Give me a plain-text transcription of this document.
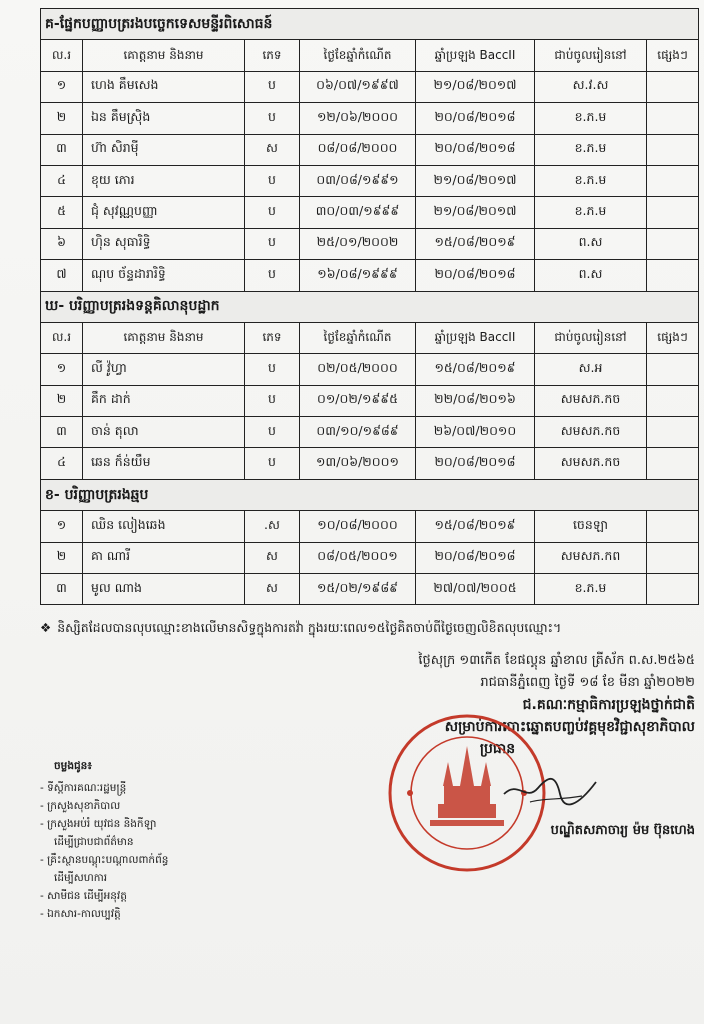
គ-ផ្នែកបញ្ញាបត្ររងបច្ចេកទេសមន្ទីរពិសោធន៍						
ល.រ	គោត្តនាម និងនាម	ភេទ	ថ្ងៃខែឆ្នាំកំណើត	ឆ្នាំប្រឡង BaccII	ជាប់ចូលរៀននៅ	ផ្សេងៗ
១	ហេង គឹមសេង	ប	០៦/០៧/១៩៩៧	២១/០៨/២០១៧	ស.វ.ស	
២	ឯន គឹមស្រ៊ិង	ប	១២/០៦/២០០០	២០/០៨/២០១៨	ខ.ភ.ម	
៣	ហ៊ា សិរាម៉ី	ស	០៨/០៨/២០០០	២០/០៨/២០១៨	ខ.ភ.ម	
៤	ខុយ ភោរ	ប	០៣/០៨/១៩៩១	២១/០៨/២០១៧	ខ.ភ.ម	
៥	ជុំ សុវណ្ណបញ្ញា	ប	៣០/០៣/១៩៩៩	២១/០៨/២០១៧	ខ.ភ.ម	
៦	ហ៊ិន សុធារិទ្ធិ	ប	២៥/០១/២០០២	១៥/០៨/២០១៩	ព.ស	
៧	ណុប ច័ន្ទដារារិទ្ធិ	ប	១៦/០៨/១៩៩៩	២០/០៨/២០១៨	ព.ស	
ឃ- បរិញ្ញាបត្ររងទន្តគិលានុបដ្ឋាក						
ល.រ	គោត្តនាម និងនាម	ភេទ	ថ្ងៃខែឆ្នាំកំណើត	ឆ្នាំប្រឡង BaccII	ជាប់ចូលរៀននៅ	ផ្សេងៗ
១	លី វ៉ូហ្វា	ប	០២/០៥/២០០០	១៥/០៨/២០១៩	ស.អ	
២	គឹក ដាក់	ប	០១/០២/១៩៩៥	២២/០៨/២០១៦	សមសភ.កច	
៣	ចាន់ តុលា	ប	០៣/១០/១៩៨៩	២៦/០៧/២០១០	សមសភ.កច	
៤	ឆេន ក៏ន់យឹម	ប	១៣/០៦/២០០១	២០/០៨/២០១៨	សមសភ.កច	
ខ- បរិញ្ញាបត្ររងឆ្មប						
១	ឈិន លៀងឆេង	.ស	១០/០៨/២០០០	១៥/០៨/២០១៩	ចេនឡា	
២	គា ណារី	ស	០៨/០៥/២០០១	២០/០៨/២០១៨	សមសភ.កព	
៣	មូល ណាង	ស	១៥/០២/១៩៨៩	២៧/០៧/២០០៥	ខ.ភ.ម	
❖ និស្សិតដែលបានលុបឈ្មោះខាងលើមានសិទ្ធក្នុងការតវ៉ា ក្នុងរយៈពេល១៥ថ្ងៃគិតចាប់ពីថ្ងៃចេញលិខិតលុបឈ្មោះ។
ថ្ងៃសុក្រ ១៣កើត ខែផល្គុន ឆ្នាំខាល ត្រីស័ក ព.ស.២៥៦៥
រាជធានីភ្នំពេញ ថ្ងៃទី ១៨ ខែ មីនា ឆ្នាំ២០២២
ជ.គណៈកម្មាធិការប្រឡងថ្នាក់ជាតិ
សម្រាប់ការបោះឆ្នោតបញ្ចប់វគ្គមុខវិជ្ជាសុខាភិបាល
ប្រធាន
ចម្លងជូន៖
- ទីស្ដីការគណៈរដ្ឋមន្ត្រី
- ក្រសួងសុខាភិបាល
- ក្រសួងអប់រំ យុវជន និងកីឡា
ដើម្បីជ្រាបជាព័ត៌មាន
- គ្រឹះស្ថានបណ្ដុះបណ្ដាលពាក់ព័ន្ធ
ដើម្បីសហការ
- សាមីជន ដើម្បីអនុវត្ត
- ឯកសារ-កាលប្បវត្តិ
បណ្ឌិតសភាចារ្យ ម៉ម ប៊ុនហេង
